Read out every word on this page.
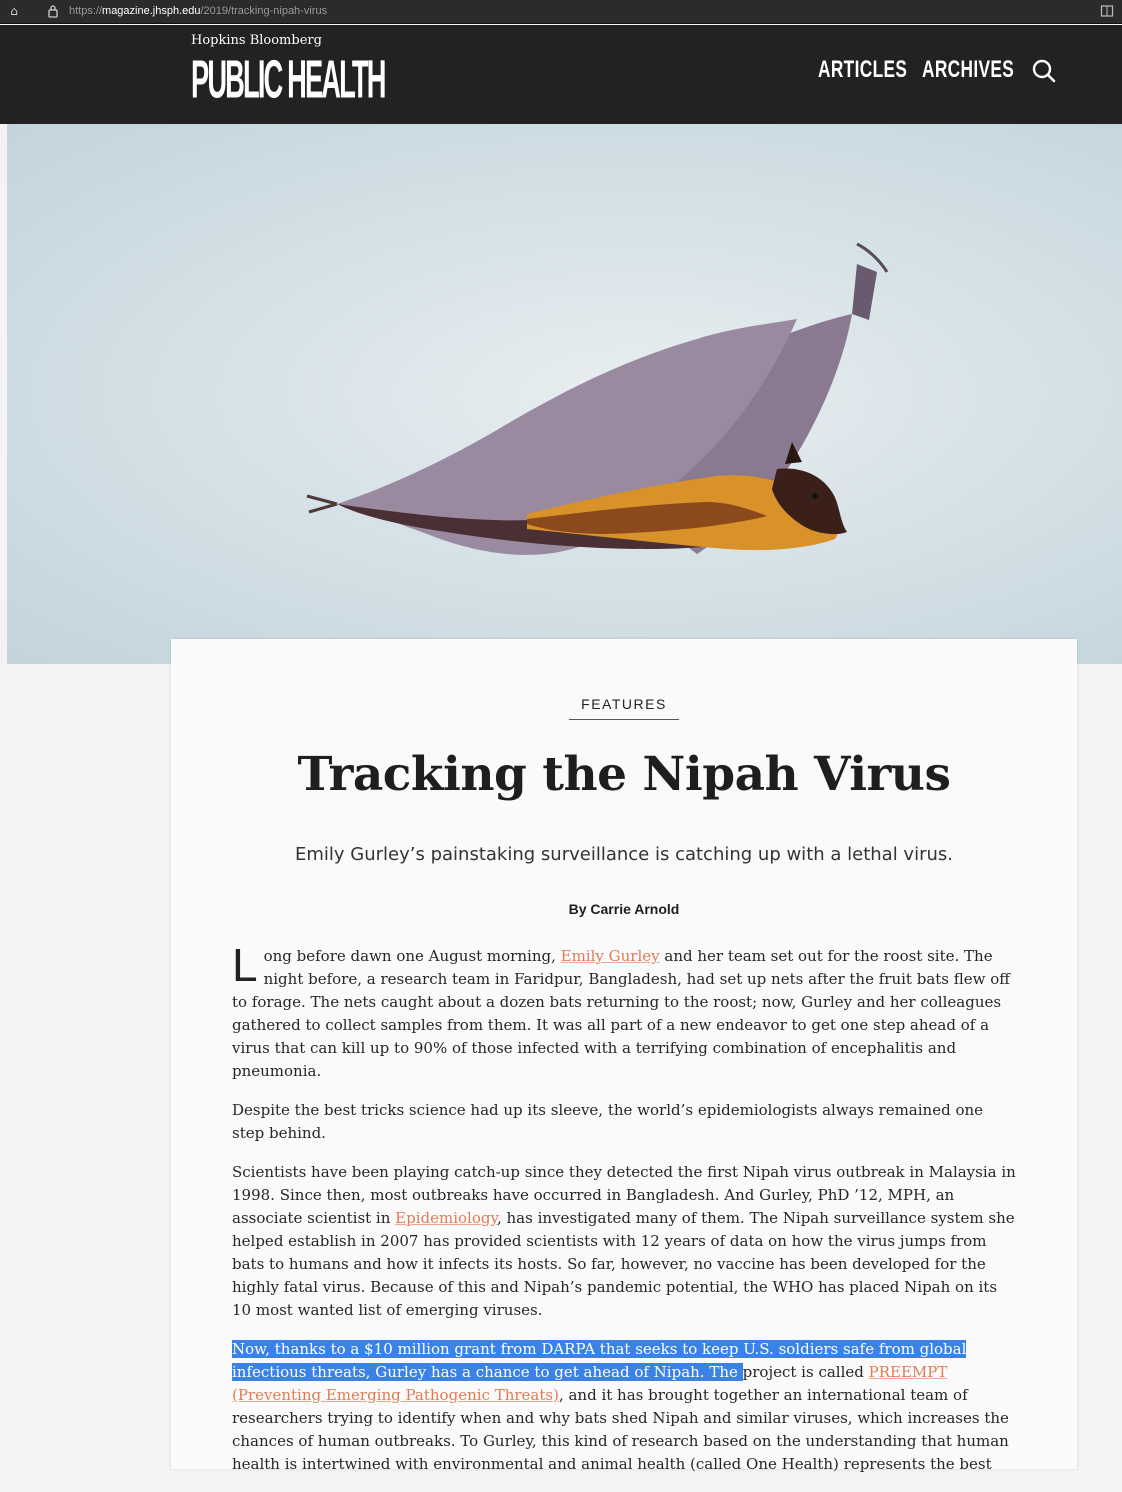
⌂	https://magazine.jhsph.edu/2019/tracking-nipah-virus
Hopkins Bloomberg
PUBLIC HEALTH	ARTICLES ARCHIVES
FEATURES
Tracking the Nipah Virus
Emily Gurley’s painstaking surveillance is catching up with a lethal virus.
By Carrie Arnold

Long before dawn one August morning, Emily Gurley and her team set out for the roost site. The night before, a research team in Faridpur, Bangladesh, had set up nets after the fruit bats flew off to forage. The nets caught about a dozen bats returning to the roost; now, Gurley and her colleagues gathered to collect samples from them. It was all part of a new endeavor to get one step ahead of a virus that can kill up to 90% of those infected with a terrifying combination of encephalitis and pneumonia.

Despite the best tricks science had up its sleeve, the world’s epidemiologists always remained one step behind.

Scientists have been playing catch-up since they detected the first Nipah virus outbreak in Malaysia in 1998. Since then, most outbreaks have occurred in Bangladesh. And Gurley, PhD ’12, MPH, an associate scientist in Epidemiology, has investigated many of them. The Nipah surveillance system she helped establish in 2007 has provided scientists with 12 years of data on how the virus jumps from bats to humans and how it infects its hosts. So far, however, no vaccine has been developed for the highly fatal virus. Because of this and Nipah’s pandemic potential, the WHO has placed Nipah on its 10 most wanted list of emerging viruses.

Now, thanks to a $10 million grant from DARPA that seeks to keep U.S. soldiers safe from global infectious threats, Gurley has a chance to get ahead of Nipah. The project is called PREEMPT (Preventing Emerging Pathogenic Threats), and it has brought together an international team of researchers trying to identify when and why bats shed Nipah and similar viruses, which increases the chances of human outbreaks. To Gurley, this kind of research based on the understanding that human health is intertwined with environmental and animal health (called One Health) represents the best
